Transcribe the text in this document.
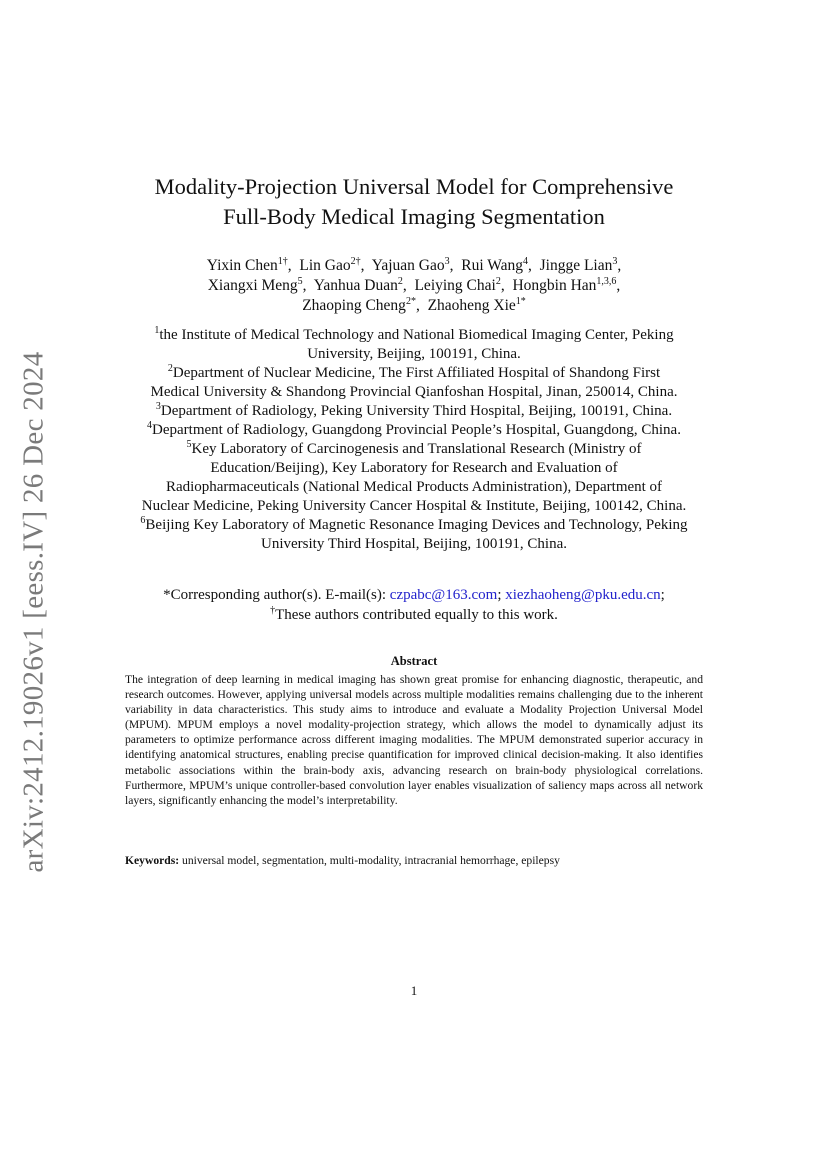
arXiv:2412.19026v1 [eess.IV] 26 Dec 2024
Modality-Projection Universal Model for Comprehensive
Full-Body Medical Imaging Segmentation
Yixin Chen$^{1\dagger}$,  Lin Gao$^{2\dagger}$,  Yajuan Gao$^3$,  Rui Wang$^4$,  Jingge Lian$^3$,
Xiangxi Meng$^5$,  Yanhua Duan$^2$,  Leiying Chai$^2$,  Hongbin Han$^{1,3,6}$,
Zhaoping Cheng$^{2*}$,  Zhaoheng Xie$^{1*}$
$^1$the Institute of Medical Technology and National Biomedical Imaging Center, Peking
University, Beijing, 100191, China.
$^2$Department of Nuclear Medicine, The First Affiliated Hospital of Shandong First
Medical University & Shandong Provincial Qianfoshan Hospital, Jinan, 250014, China.
$^3$Department of Radiology, Peking University Third Hospital, Beijing, 100191, China.
$^4$Department of Radiology, Guangdong Provincial People’s Hospital, Guangdong, China.
$^5$Key Laboratory of Carcinogenesis and Translational Research (Ministry of
Education/Beijing), Key Laboratory for Research and Evaluation of
Radiopharmaceuticals (National Medical Products Administration), Department of
Nuclear Medicine, Peking University Cancer Hospital & Institute, Beijing, 100142, China.
$^6$Beijing Key Laboratory of Magnetic Resonance Imaging Devices and Technology, Peking
University Third Hospital, Beijing, 100191, China.
*Corresponding author(s). E-mail(s): czpabc@163.com; xiezhaoheng@pku.edu.cn;
†These authors contributed equally to this work.
Abstract
The integration of deep learning in medical imaging has shown great promise for enhancing diagnostic, therapeutic, and research outcomes. However, applying universal models across multiple modalities remains challenging due to the inherent variability in data characteristics. This study aims to introduce and evaluate a Modality Projection Universal Model (MPUM). MPUM employs a novel modality-projection strategy, which allows the model to dynamically adjust its parameters to optimize performance across different imaging modalities. The MPUM demonstrated superior accuracy in identifying anatomical structures, enabling precise quantification for improved clinical decision-making. It also identifies metabolic associations within the brain-body axis, advancing research on brain-body physiological correlations. Furthermore, MPUM’s unique controller-based convolution layer enables visualization of saliency maps across all network layers, significantly enhancing the model’s interpretability.
Keywords: universal model, segmentation, multi-modality, intracranial hemorrhage, epilepsy
1
